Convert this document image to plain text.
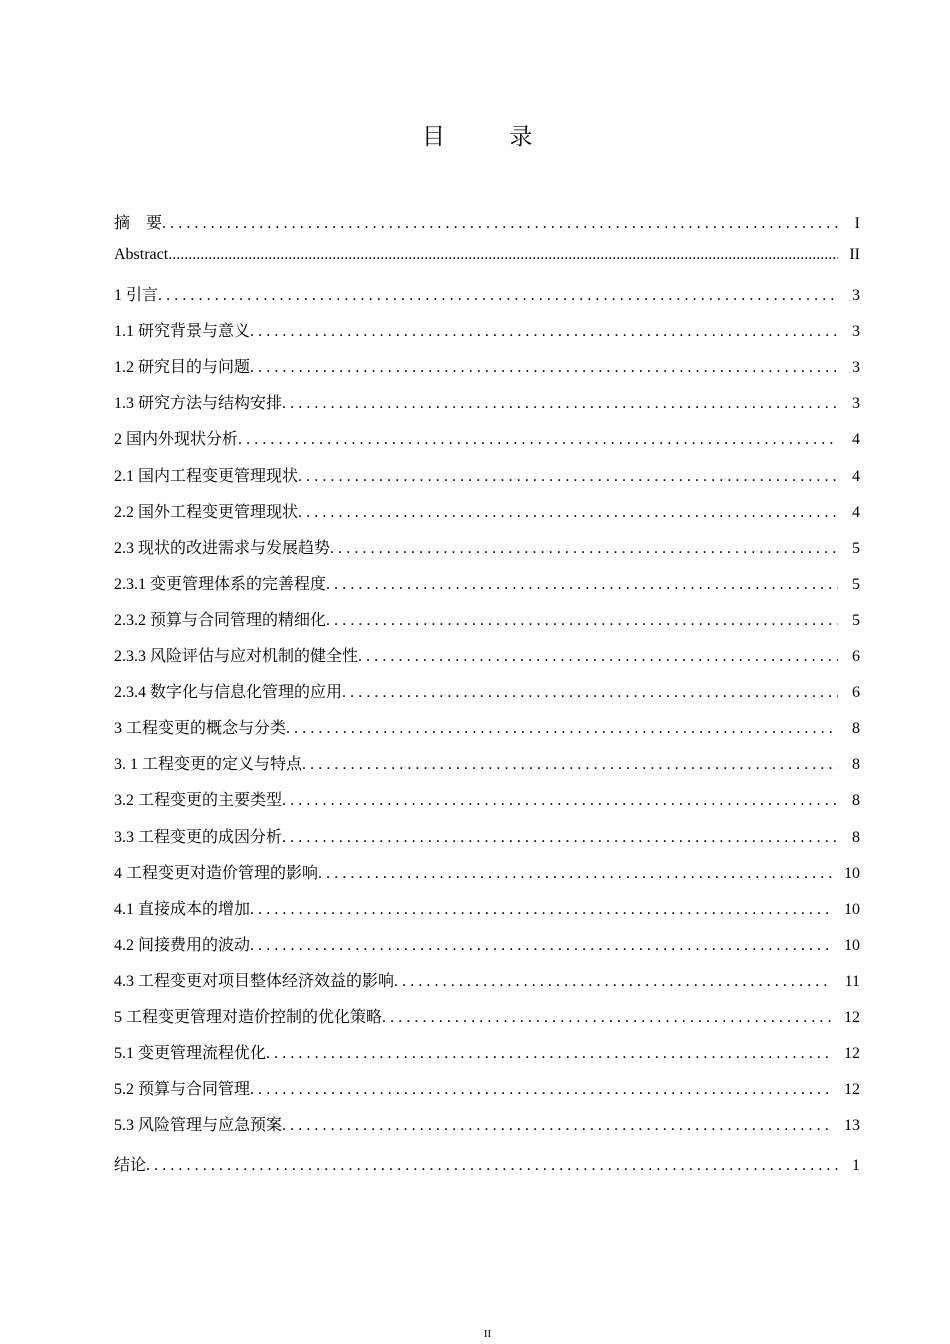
目　录
摘　要 .....	I
Abstract .....	II
1 引言 .....	3
1.1 研究背景与意义 .....	3
1.2 研究目的与问题 .....	3
1.3 研究方法与结构安排 .....	3
2 国内外现状分析 .....	4
2.1 国内工程变更管理现状 .....	4
2.2 国外工程变更管理现状 .....	4
2.3 现状的改进需求与发展趋势 .....	5
2.3.1 变更管理体系的完善程度 .....	5
2.3.2 预算与合同管理的精细化 .....	5
2.3.3 风险评估与应对机制的健全性 .....	6
2.3.4 数字化与信息化管理的应用 .....	6
3 工程变更的概念与分类 .....	8
3. 1 工程变更的定义与特点 .....	8
3.2 工程变更的主要类型 .....	8
3.3 工程变更的成因分析 .....	8
4 工程变更对造价管理的影响 .....	10
4.1 直接成本的增加 .....	10
4.2 间接费用的波动 .....	10
4.3 工程变更对项目整体经济效益的影响 .....	11
5 工程变更管理对造价控制的优化策略 .....	12
5.1 变更管理流程优化 .....	12
5.2 预算与合同管理 .....	12
5.3 风险管理与应急预案 .....	13
结论 .....	1
II
